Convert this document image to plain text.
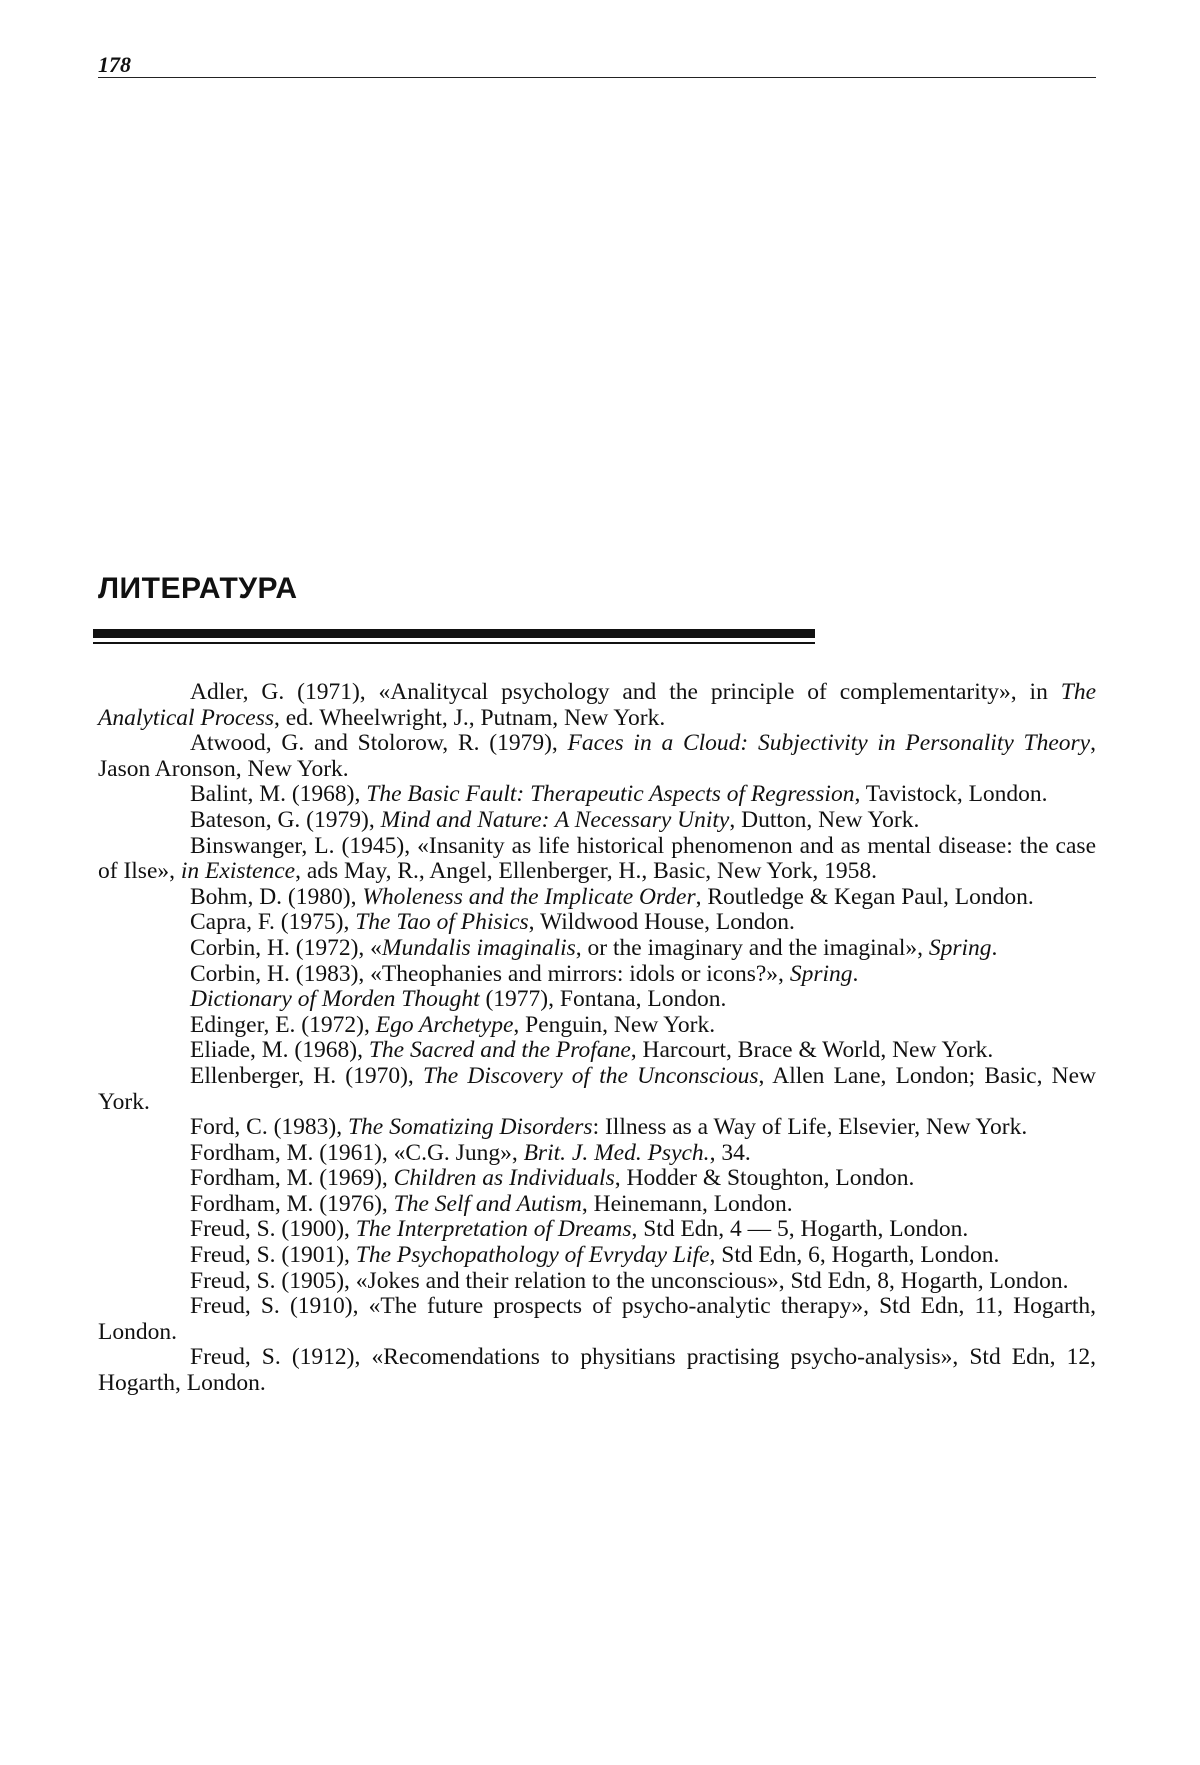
178
ЛИТЕРАТУРА

Adler, G. (1971), «Analitycal psychology and the principle of complementarity», in The Analytical Process, ed. Wheelwright, J., Putnam, New York.

Atwood, G. and Stolorow, R. (1979), Faces in a Cloud: Subjectivity in Personality Theory, Jason Aronson, New York.

Balint, M. (1968), The Basic Fault: Therapeutic Aspects of Regression, Tavistock, London.

Bateson, G. (1979), Mind and Nature: A Necessary Unity, Dutton, New York.

Binswanger, L. (1945), «Insanity as life historical phenomenon and as mental disease: the case of Ilse», in Existence, ads May, R., Angel, Ellenberger, H., Basic, New York, 1958.

Bohm, D. (1980), Wholeness and the Implicate Order, Routledge & Kegan Paul, London.

Capra, F. (1975), The Tao of Phisics, Wildwood House, London.

Corbin, H. (1972), «Mundalis imaginalis, or the imaginary and the imaginal», Spring.

Corbin, H. (1983), «Theophanies and mirrors: idols or icons?», Spring.

Dictionary of Morden Thought (1977), Fontana, London.

Edinger, E. (1972), Ego Archetype, Penguin, New York.

Eliade, M. (1968), The Sacred and the Profane, Harcourt, Brace & World, New York.

Ellenberger, H. (1970), The Discovery of the Unconscious, Allen Lane, London; Basic, New York.

Ford, C. (1983), The Somatizing Disorders: Illness as a Way of Life, Elsevier, New York.

Fordham, M. (1961), «C.G. Jung», Brit. J. Med. Psych., 34.

Fordham, M. (1969), Children as Individuals, Hodder & Stoughton, London.

Fordham, M. (1976), The Self and Autism, Heinemann, London.

Freud, S. (1900), The Interpretation of Dreams, Std Edn, 4 — 5, Hogarth, London.

Freud, S. (1901), The Psychopathology of Evryday Life, Std Edn, 6, Hogarth, London.

Freud, S. (1905), «Jokes and their relation to the unconscious», Std Edn, 8, Hogarth, London.

Freud, S. (1910), «The future prospects of psycho-analytic therapy», Std Edn, 11, Hogarth, London.

Freud, S. (1912), «Recomendations to physitians practising psycho-analysis», Std Edn, 12, Hogarth, London.
